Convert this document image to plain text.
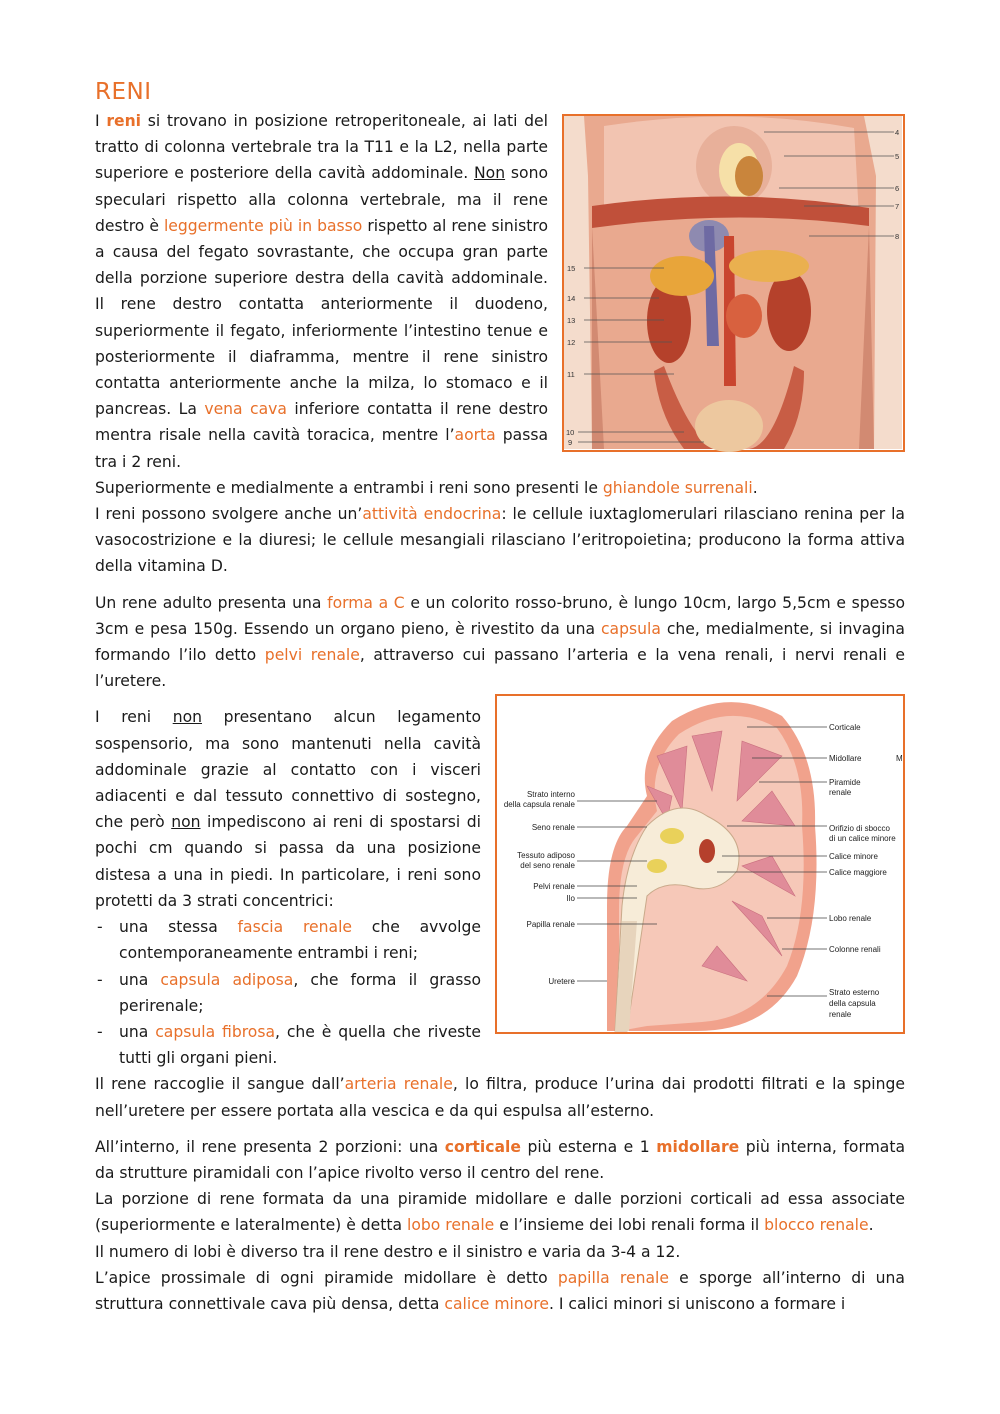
RENI
4
5
6
7
8
15
14
13
12
11
10
9

I reni si trovano in posizione retroperitoneale, ai lati del tratto di colonna vertebrale tra la T11 e la L2, nella parte superiore e posteriore della cavità addominale. Non sono speculari rispetto alla colonna vertebrale, ma il rene destro è leggermente più in basso rispetto al rene sinistro a causa del fegato sovrastante, che occupa gran parte della porzione superiore destra della cavità addominale. Il rene destro contatta anteriormente il duodeno, superiormente il fegato, inferiormente l’intestino tenue e posteriormente il diaframma, mentre il rene sinistro contatta anteriormente anche la milza, lo stomaco e il pancreas. La vena cava inferiore contatta il rene destro mentra risale nella cavità toracica, mentre l’aorta passa tra i 2 reni.

Superiormente e medialmente a entrambi i reni sono presenti le ghiandole surrenali.

I reni possono svolgere anche un’attività endocrina: le cellule iuxtaglomerulari rilasciano renina per la vasocostrizione e la diuresi; le cellule mesangiali rilasciano l’eritropoietina; producono la forma attiva della vitamina D.

Un rene adulto presenta una forma a C e un colorito rosso-bruno, è lungo 10cm, largo 5,5cm e spesso 3cm e pesa 150g. Essendo un organo pieno, è rivestito da una capsula che, medialmente, si invagina formando l’ilo detto pelvi renale, attraverso cui passano l’arteria e la vena renali, i nervi renali e l’uretere.

Corticale
Midollare
Piramide
renale
Orifizio di sbocco
di un calice minore
Calice minore
Calice maggiore
Lobo renale
Colonne renali
Strato esterno
della capsula
renale
M
Strato interno
della capsula renale
Seno renale
Tessuto adiposo
del seno renale
Pelvi renale
Ilo
Papilla renale
Uretere

I reni non presentano alcun legamento sospensorio, ma sono mantenuti nella cavità addominale grazie al contatto con i visceri adiacenti e dal tessuto connettivo di sostegno, che però non impediscono ai reni di spostarsi di pochi cm quando si passa da una posizione distesa a una in piedi. In particolare, i reni sono protetti da 3 strati concentrici:

- una stessa fascia renale che avvolge contemporaneamente entrambi i reni;
- una capsula adiposa, che forma il grasso perirenale;
- una capsula fibrosa, che è quella che riveste tutti gli organi pieni.

Il rene raccoglie il sangue dall’arteria renale, lo filtra, produce l’urina dai prodotti filtrati e la spinge nell’uretere per essere portata alla vescica e da qui espulsa all’esterno.

All’interno, il rene presenta 2 porzioni: una corticale più esterna e 1 midollare più interna, formata da strutture piramidali con l’apice rivolto verso il centro del rene.

La porzione di rene formata da una piramide midollare e dalle porzioni corticali ad essa associate (superiormente e lateralmente) è detta lobo renale e l’insieme dei lobi renali forma il blocco renale.

Il numero di lobi è diverso tra il rene destro e il sinistro e varia da 3-4 a 12.

L’apice prossimale di ogni piramide midollare è detto papilla renale e sporge all’interno di una struttura connettivale cava più densa, detta calice minore. I calici minori si uniscono a formare i
